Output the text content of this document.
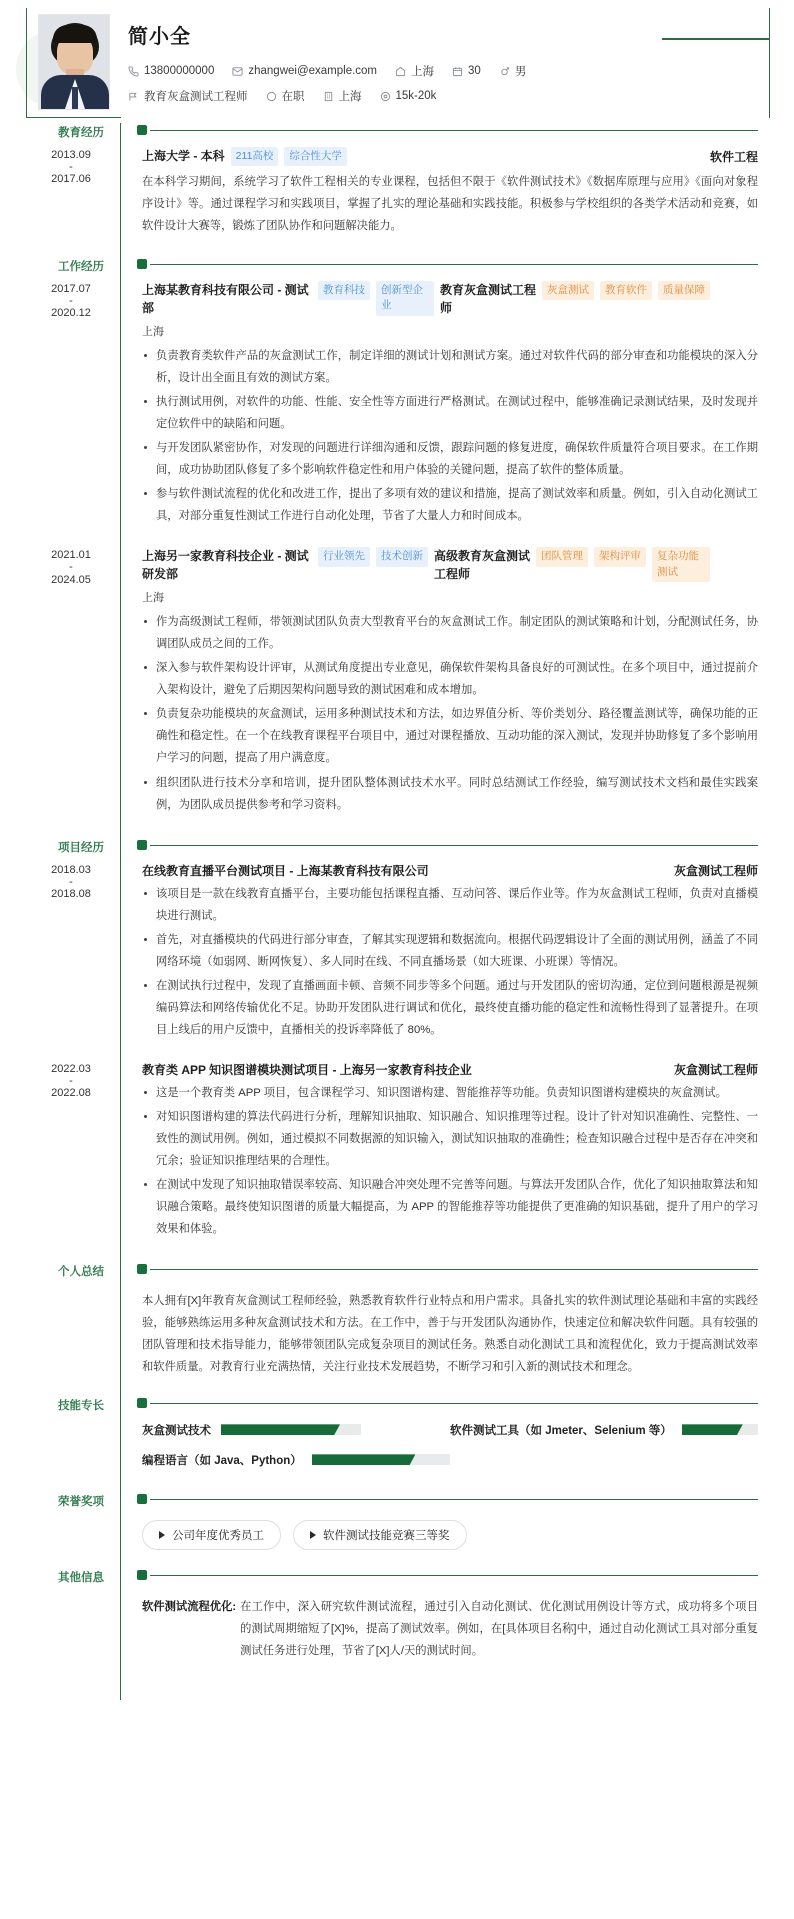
简小全
13800000000	zhangwei@example.com	上海	30	男
教育灰盒测试工程师	在职	上海	15k-20k
教育经历
2013.09
-
2017.06
上海大学 - 本科	211高校	综合性大学	软件工程
在本科学习期间，系统学习了软件工程相关的专业课程，包括但不限于《软件测试技术》《数据库原理与应用》《面向对象程序设计》等。通过课程学习和实践项目，掌握了扎实的理论基础和实践技能。积极参与学校组织的各类学术活动和竞赛，如软件设计大赛等，锻炼了团队协作和问题解决能力。
工作经历
2017.07
-
2020.12
上海某教育科技有限公司 - 测试部
教育科技	创新型企业
教育灰盒测试工程师
灰盒测试	教育软件	质量保障
上海
负责教育类软件产品的灰盒测试工作，制定详细的测试计划和测试方案。通过对软件代码的部分审查和功能模块的深入分析，设计出全面且有效的测试方案。
执行测试用例，对软件的功能、性能、安全性等方面进行严格测试。在测试过程中，能够准确记录测试结果，及时发现并定位软件中的缺陷和问题。
与开发团队紧密协作，对发现的问题进行详细沟通和反馈，跟踪问题的修复进度，确保软件质量符合项目要求。在工作期间，成功协助团队修复了多个影响软件稳定性和用户体验的关键问题，提高了软件的整体质量。
参与软件测试流程的优化和改进工作，提出了多项有效的建议和措施，提高了测试效率和质量。例如，引入自动化测试工具，对部分重复性测试工作进行自动化处理，节省了大量人力和时间成本。
2021.01
-
2024.05
上海另一家教育科技企业 - 测试研发部
行业领先	技术创新 高级教育灰盒测试工程师
团队管理	架构评审	复杂功能测试
上海
作为高级测试工程师，带领测试团队负责大型教育平台的灰盒测试工作。制定团队的测试策略和计划，分配测试任务，协调团队成员之间的工作。
深入参与软件架构设计评审，从测试角度提出专业意见，确保软件架构具备良好的可测试性。在多个项目中，通过提前介入架构设计，避免了后期因架构问题导致的测试困难和成本增加。
负责复杂功能模块的灰盒测试，运用多种测试技术和方法，如边界值分析、等价类划分、路径覆盖测试等，确保功能的正确性和稳定性。在一个在线教育课程平台项目中，通过对课程播放、互动功能的深入测试，发现并协助修复了多个影响用户学习的问题，提高了用户满意度。
组织团队进行技术分享和培训，提升团队整体测试技术水平。同时总结测试工作经验，编写测试技术文档和最佳实践案例，为团队成员提供参考和学习资料。
项目经历
2018.03
-
2018.08
在线教育直播平台测试项目 - 上海某教育科技有限公司	灰盒测试工程师
该项目是一款在线教育直播平台，主要功能包括课程直播、互动问答、课后作业等。作为灰盒测试工程师，负责对直播模块进行测试。
首先，对直播模块的代码进行部分审查，了解其实现逻辑和数据流向。根据代码逻辑设计了全面的测试用例，涵盖了不同网络环境（如弱网、断网恢复）、多人同时在线、不同直播场景（如大班课、小班课）等情况。
在测试执行过程中，发现了直播画面卡顿、音频不同步等多个问题。通过与开发团队的密切沟通，定位到问题根源是视频编码算法和网络传输优化不足。协助开发团队进行调试和优化，最终使直播功能的稳定性和流畅性得到了显著提升。在项目上线后的用户反馈中，直播相关的投诉率降低了 80%。
2022.03
-
2022.08
教育类 APP 知识图谱模块测试项目 - 上海另一家教育科技企业	灰盒测试工程师
这是一个教育类 APP 项目，包含课程学习、知识图谱构建、智能推荐等功能。负责知识图谱构建模块的灰盒测试。
对知识图谱构建的算法代码进行分析，理解知识抽取、知识融合、知识推理等过程。设计了针对知识准确性、完整性、一致性的测试用例。例如，通过模拟不同数据源的知识输入，测试知识抽取的准确性；检查知识融合过程中是否存在冲突和冗余；验证知识推理结果的合理性。
在测试中发现了知识抽取错误率较高、知识融合冲突处理不完善等问题。与算法开发团队合作，优化了知识抽取算法和知识融合策略。最终使知识图谱的质量大幅提高，为 APP 的智能推荐等功能提供了更准确的知识基础，提升了用户的学习效果和体验。
个人总结
本人拥有[X]年教育灰盒测试工程师经验，熟悉教育软件行业特点和用户需求。具备扎实的软件测试理论基础和丰富的实践经验，能够熟练运用多种灰盒测试技术和方法。在工作中，善于与开发团队沟通协作，快速定位和解决软件问题。具有较强的团队管理和技术指导能力，能够带领团队完成复杂项目的测试任务。熟悉自动化测试工具和流程优化，致力于提高测试效率和软件质量。对教育行业充满热情，关注行业技术发展趋势，不断学习和引入新的测试技术和理念。
技能专长
灰盒测试技术	软件测试工具（如 Jmeter、Selenium 等）
编程语言（如 Java、Python）
荣誉奖项
公司年度优秀员工	软件测试技能竞赛三等奖
其他信息
软件测试流程优化: 在工作中，深入研究软件测试流程，通过引入自动化测试、优化测试用例设计等方式，成功将多个项目的测试周期缩短了[X]%，提高了测试效率。例如，在[具体项目名称]中，通过自动化测试工具对部分重复测试任务进行处理，节省了[X]人/天的测试时间。
